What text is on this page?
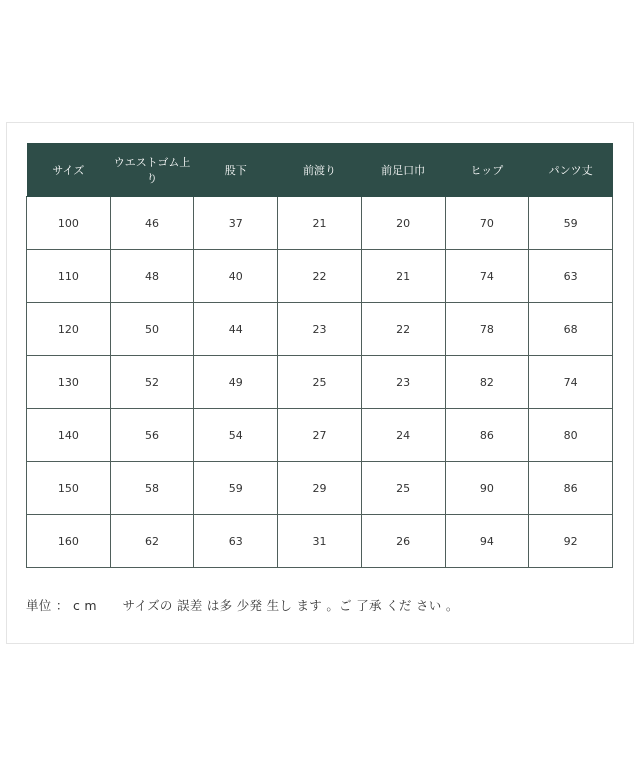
サイズ	ウエストゴム上り	股下	前渡り	前足口巾	ヒップ	パンツ丈
100	46	37	21	20	70	59
110	48	40	22	21	74	63
120	50	44	23	22	78	68
130	52	49	25	23	82	74
140	56	54	27	24	86	80
150	58	59	29	25	90	86
160	62	63	31	26	94	92
単位 ： c m サイズの 誤差 は多 少発 生し ます 。ご 了承 くだ さい 。
